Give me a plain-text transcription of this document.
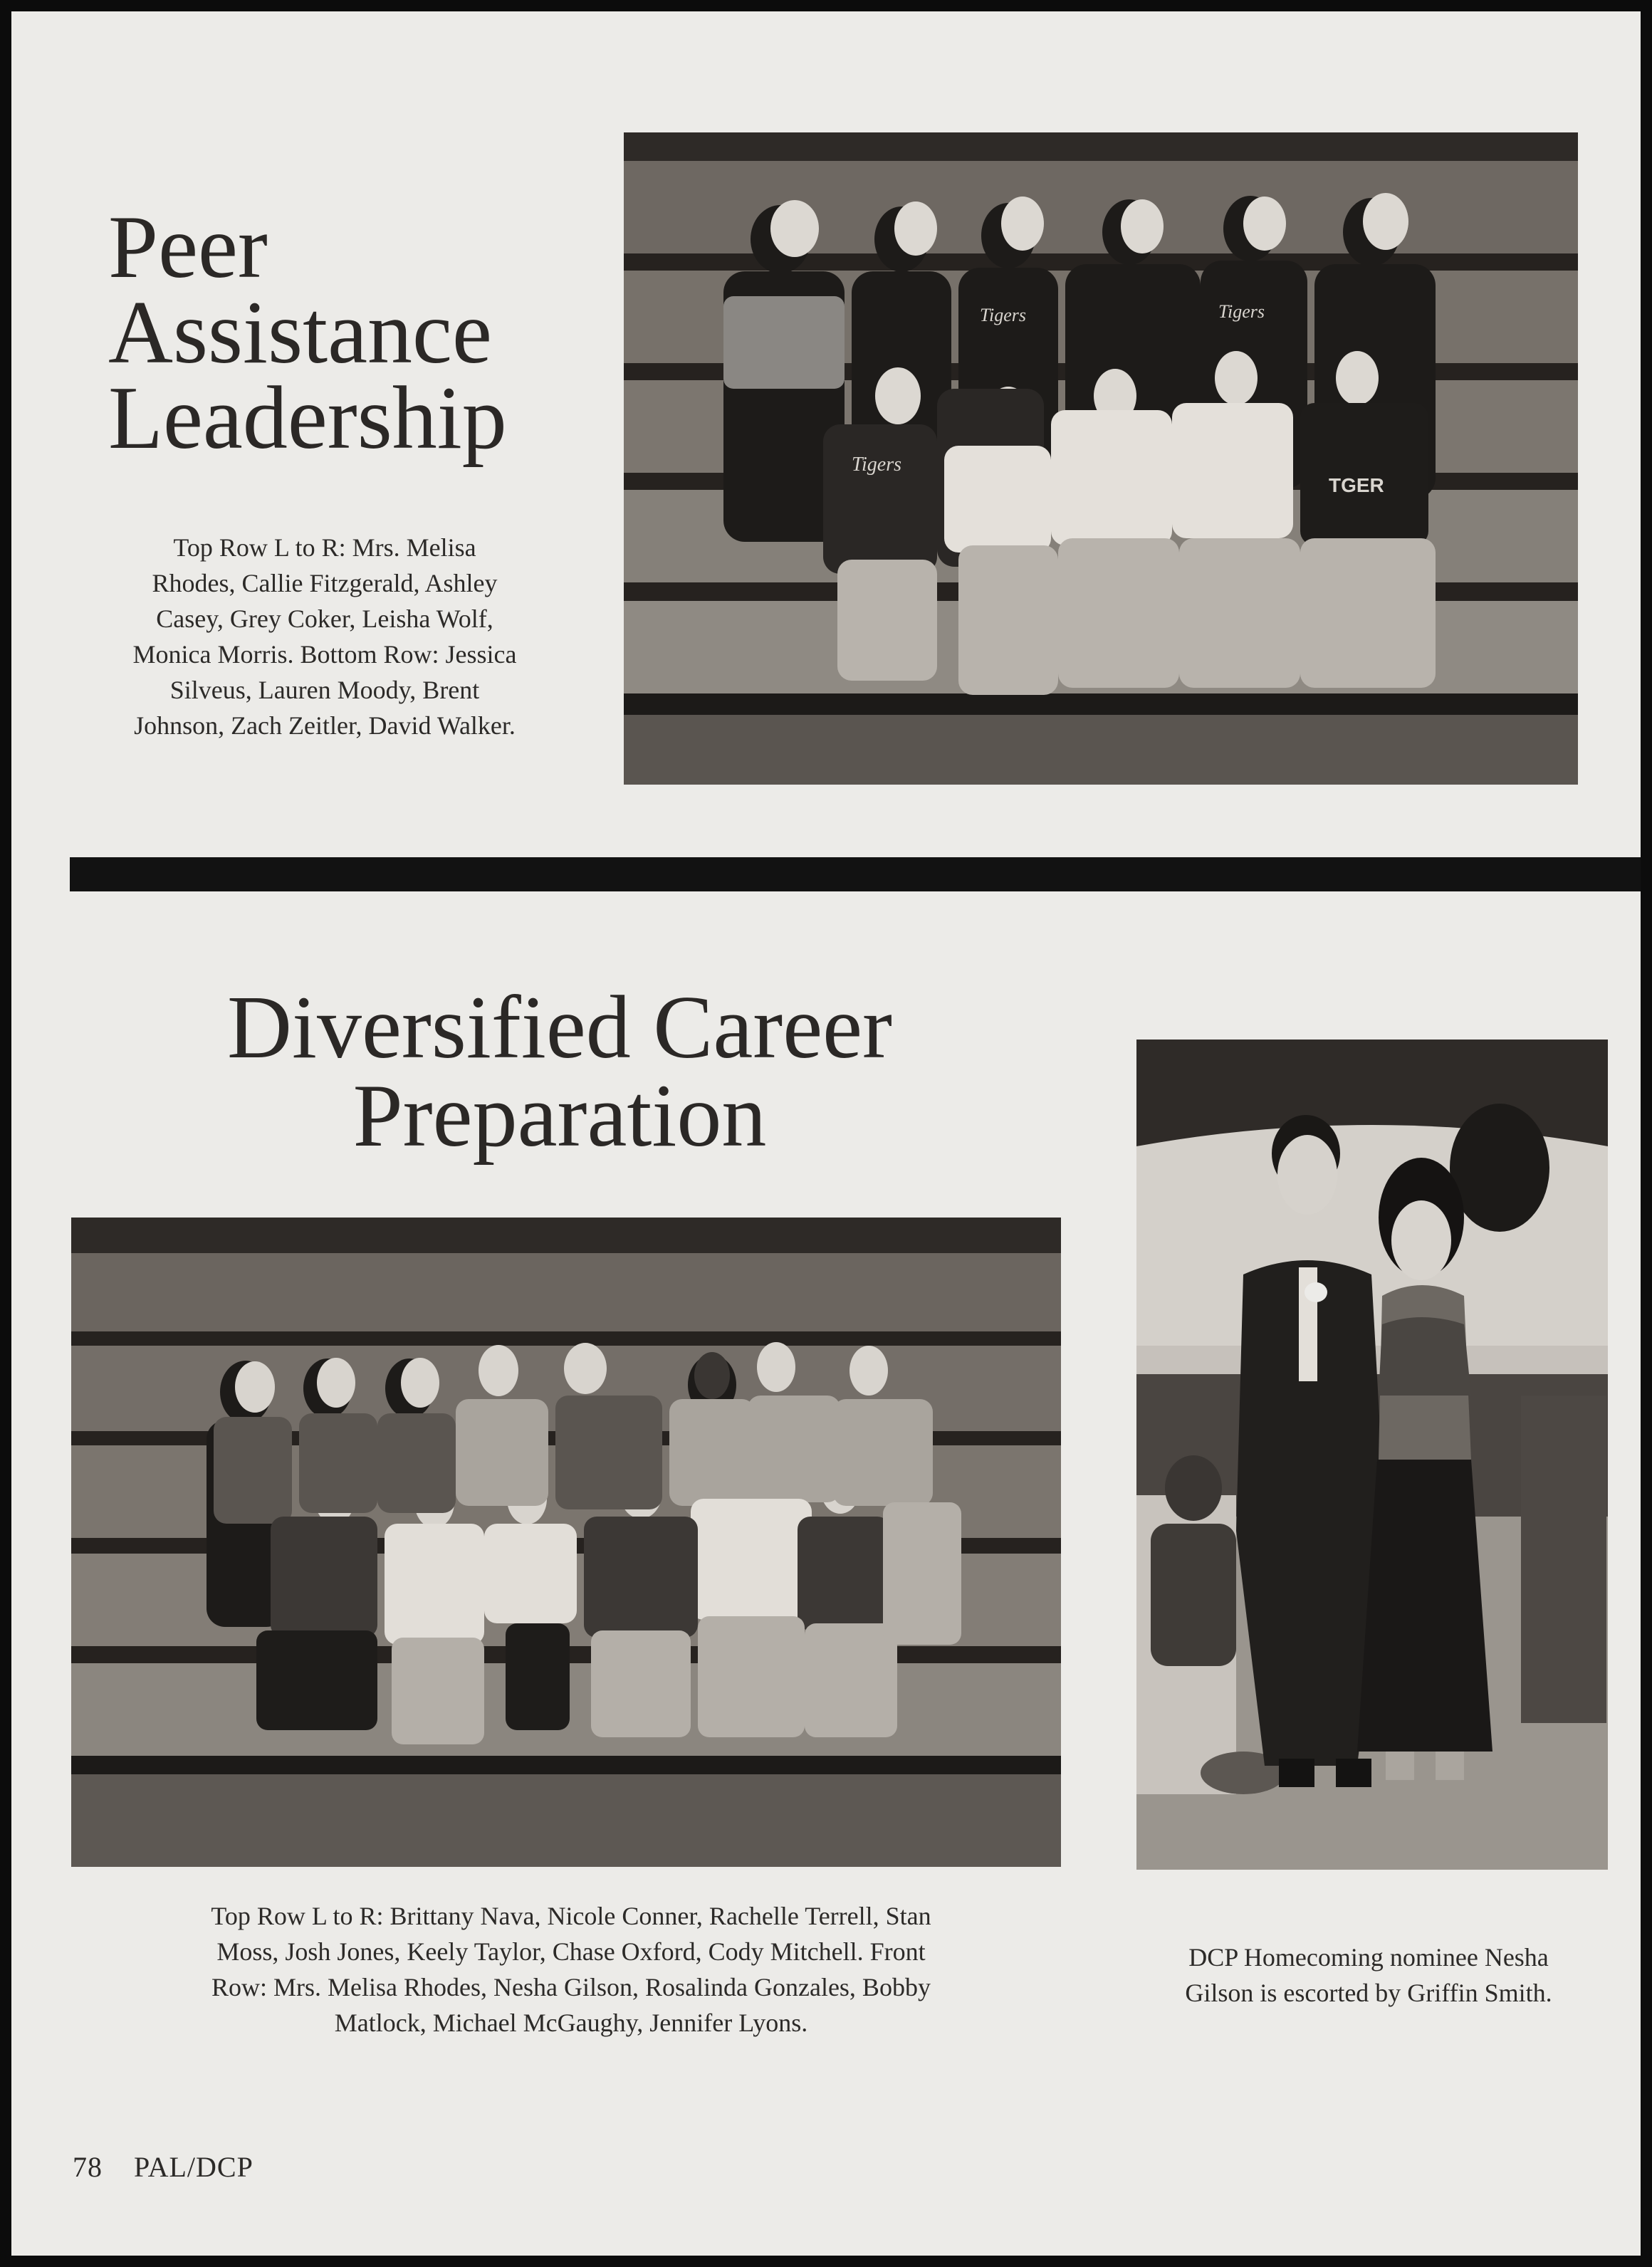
Peer
Assistance
Leadership
Top Row L to R: Mrs. Melisa
Rhodes, Callie Fitzgerald, Ashley
Casey, Grey Coker, Leisha Wolf,
Monica Morris. Bottom Row: Jessica
Silveus, Lauren Moody, Brent
Johnson, Zach Zeitler, David Walker.
Tigers
Tigers	Tigers
TGER
Diversified Career
Preparation
Top Row L to R: Brittany Nava, Nicole Conner, Rachelle Terrell, Stan
Moss, Josh Jones, Keely Taylor, Chase Oxford, Cody Mitchell. Front
Row: Mrs. Melisa Rhodes, Nesha Gilson, Rosalinda Gonzales, Bobby
Matlock, Michael McGaughy, Jennifer Lyons.
DCP Homecoming nominee Nesha
Gilson is escorted by Griffin Smith.
78 PAL/DCP
